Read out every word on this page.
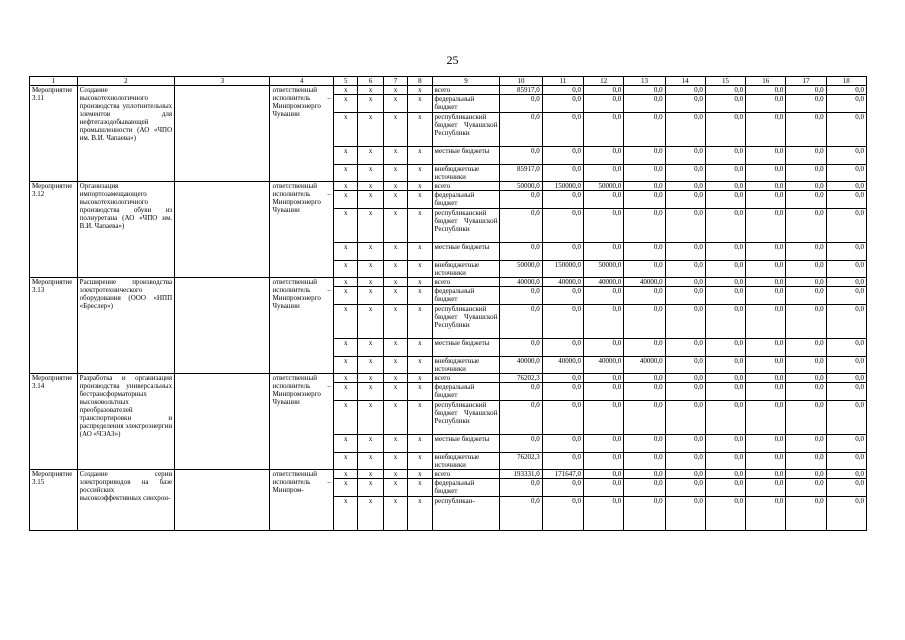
25
1	2	3	4	5	6	7	8	9	10	11	12	13	14	15	16	17	18
Мероприятие 3.11	Создание высокотехнологичного производства уплотнительных элементов для нефтегазодобывающей промышленности (АО «ЧПО им. В.И. Чапаева»)		ответственный исполнитель – Минпромэнерго Чувашии	x	x	x	x	всего	85917,0	0,0	0,0	0,0	0,0	0,0	0,0	0,0	0,0
				x	x	x	x	федеральный бюджет	0,0	0,0	0,0	0,0	0,0	0,0	0,0	0,0	0,0
				x	x	x	x	республиканский бюджет Чувашской Республики	0,0	0,0	0,0	0,0	0,0	0,0	0,0	0,0	0,0
				x	x	x	x	местные бюджеты	0,0	0,0	0,0	0,0	0,0	0,0	0,0	0,0	0,0
				x	x	x	x	внебюджетные источники	85917,0	0,0	0,0	0,0	0,0	0,0	0,0	0,0	0,0
Мероприятие 3.12	Организация импортозамещающего высокотехнологичного производства обуви из полиуретана (АО «ЧПО им. В.И. Чапаева»)		ответственный исполнитель – Минпромэнерго Чувашии	x	x	x	x	всего	50000,0	150000,0	50000,0	0,0	0,0	0,0	0,0	0,0	0,0
				x	x	x	x	федеральный бюджет	0,0	0,0	0,0	0,0	0,0	0,0	0,0	0,0	0,0
				x	x	x	x	республиканский бюджет Чувашской Республики	0,0	0,0	0,0	0,0	0,0	0,0	0,0	0,0	0,0
				x	x	x	x	местные бюджеты	0,0	0,0	0,0	0,0	0,0	0,0	0,0	0,0	0,0
				x	x	x	x	внебюджетные источники	50000,0	150000,0	50000,0	0,0	0,0	0,0	0,0	0,0	0,0
Мероприятие 3.13	Расширение производства электротехнического оборудования (ООО «НПП «Бреслер»)		ответственный исполнитель – Минпромэнерго Чувашии	x	x	x	x	всего	40000,0	40000,0	40000,0	40000,0	0,0	0,0	0,0	0,0	0,0
				x	x	x	x	федеральный бюджет	0,0	0,0	0,0	0,0	0,0	0,0	0,0	0,0	0,0
				x	x	x	x	республиканский бюджет Чувашской Республики	0,0	0,0	0,0	0,0	0,0	0,0	0,0	0,0	0,0
				x	x	x	x	местные бюджеты	0,0	0,0	0,0	0,0	0,0	0,0	0,0	0,0	0,0
				x	x	x	x	внебюджетные источники	40000,0	40000,0	40000,0	40000,0	0,0	0,0	0,0	0,0	0,0
Мероприятие 3.14	Разработка и организация производства универсальных бестрансформаторных высоковольтных преобразователей транспортировки и распределения электроэнергии (АО «ЧЭАЗ»)		ответственный исполнитель – Минпромэнерго Чувашии	x	x	x	x	всего	76202,3	0,0	0,0	0,0	0,0	0,0	0,0	0,0	0,0
				x	x	x	x	федеральный бюджет	0,0	0,0	0,0	0,0	0,0	0,0	0,0	0,0	0,0
				x	x	x	x	республиканский бюджет Чувашской Республики	0,0	0,0	0,0	0,0	0,0	0,0	0,0	0,0	0,0
				x	x	x	x	местные бюджеты	0,0	0,0	0,0	0,0	0,0	0,0	0,0	0,0	0,0
				x	x	x	x	внебюджетные источники	76202,3	0,0	0,0	0,0	0,0	0,0	0,0	0,0	0,0
Мероприятие 3.15	Создание серии электроприводов на базе российских высокоэффективных синхрон-		ответственный исполнитель – Минпром-	x	x	x	x	всего	193331,0	171647,0	0,0	0,0	0,0	0,0	0,0	0,0	0,0
				x	x	x	x	федеральный бюджет	0,0	0,0	0,0	0,0	0,0	0,0	0,0	0,0	0,0
				x	x	x	x	республикан-	0,0	0,0	0,0	0,0	0,0	0,0	0,0	0,0	0,0
